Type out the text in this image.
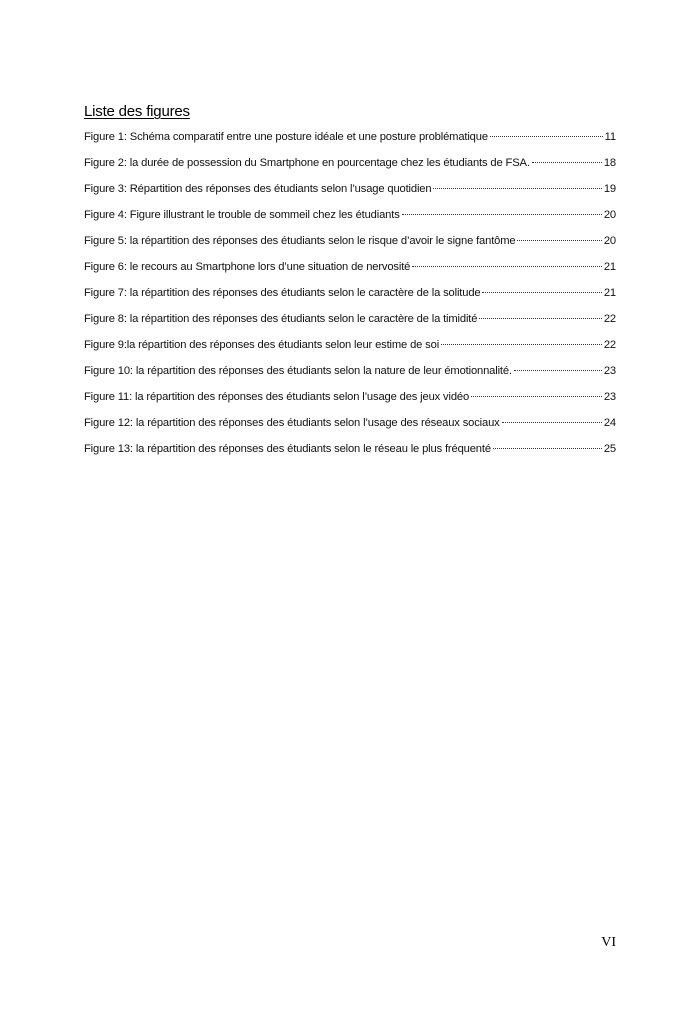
Liste des figures
Figure 1: Schéma comparatif entre une posture idéale et une posture problématique	11
Figure 2: la durée de possession du Smartphone en pourcentage chez les étudiants de FSA.	18
Figure 3: Répartition des réponses des étudiants selon l’usage quotidien	19
Figure 4: Figure illustrant le trouble de sommeil chez les étudiants	20
Figure 5: la répartition des réponses des étudiants selon le risque d’avoir le signe fantôme	20
Figure 6: le recours au Smartphone lors d’une situation de nervosité	21
Figure 7: la répartition des réponses des étudiants selon le caractère de la solitude	21
Figure 8: la répartition des réponses des étudiants selon le caractère de la timidité	22
Figure 9:la répartition des réponses des étudiants selon leur estime de soi	22
Figure 10: la répartition des réponses des étudiants selon la nature de leur émotionnalité.	23
Figure 11: la répartition des réponses des étudiants selon l’usage des jeux vidéo	23
Figure 12: la répartition des réponses des étudiants selon l’usage des réseaux sociaux	24
Figure 13: la répartition des réponses des étudiants selon le réseau le plus fréquenté	25
VI
